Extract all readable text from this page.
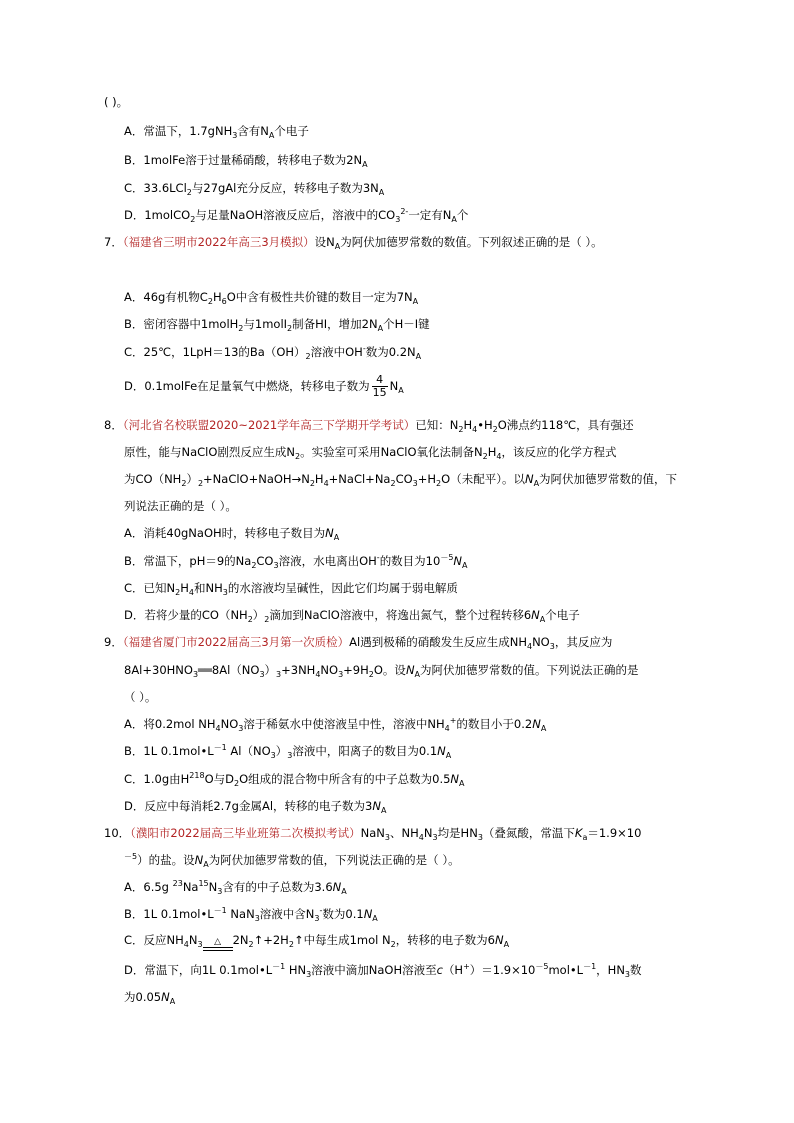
( )。
A．常温下，1.7gNH$_3$含有$N_A$个电子
B．1molFe溶于过量稀硝酸，转移电子数为$2N_A$
C．33.6LCl$_2$与27gAl充分反应，转移电子数为$3N_A$
D．1molCO$_2$与足量NaOH溶液反应后，溶液中的$CO_3^{2-}$一定有$N_A$个
7．（福建省三明市2022年高三3月模拟）设$N_A$为阿伏加德罗常数的数值。下列叙述正确的是（ ）。
A．46g有机物$C_2H_6O$中含有极性共价键的数目一定为$7N_A$
B．密闭容器中1molH$_2$与1molI$_2$制备HI，增加$2N_A$个H－I键
C．25℃，1LpH＝13的$Ba(OH)_2$溶液中OH-数为$0.2N_A$
D．0.1molFe在足量氧气中燃烧，转移电子数为 $\frac{4}{15} N_A$
8．（河北省名校联盟2020~2021学年高三下学期开学考试）已知：$N_2H_4•H_2O$沸点约118℃，具有强还
原性，能与NaClO剧烈反应生成$N_2$。实验室可采用NaClO氧化法制备$N_2H_4$，该反应的化学方程式
为$CO(NH_2)_2+NaClO+NaOH\to N_2H_4+NaCl+Na_2CO_3+H_2O$（未配平）。以$N_A$为阿伏加德罗常数的值，下
列说法正确的是（ ）。
A．消耗40gNaOH时，转移电子数目为$N_A$
B．常温下，pH＝9的$Na_2CO_3$溶液，水电离出OH-的数目为$10^{-5}N_A$
C．已知$N_2H_4$和$NH_3$的水溶液均呈碱性，因此它们均属于弱电解质
D．若将少量的$CO(NH_2)_2$滴加到NaClO溶液中，将逸出氮气，整个过程转移$6N_A$个电子
9．（福建省厦门市2022届高三3月第一次质检）Al遇到极稀的硝酸发生反应生成$NH_4NO_3$，其反应为
$8Al+30HNO_3══8Al(NO_3)_3+3NH_4NO_3+9H_2O$。设$N_A$为阿伏加德罗常数的值。下列说法正确的是
（ ）。
A．将0.2mol $NH_4NO_3$溶于稀氨水中使溶液呈中性，溶液中$NH_4^+$的数目小于$0.2N_A$
B．1L $0.1mol•L^{-1}$ $Al(NO_3)_3$溶液中，阳离子的数目为$0.1N_A$
C．1.0g由$H^{218}O$与$D_2O$组成的混合物中所含有的中子总数为$0.5N_A$
D．反应中每消耗2.7g金属Al，转移的电子数为$3N_A$
10．（濮阳市2022届高三毕业班第二次模拟考试）NaN$_3$、$NH_4N_3$均是$HN_3$（叠氮酸，常温下$K_a=1.9\times 10$
$^{-5}$）的盐。设$N_A$为阿伏加德罗常数的值，下列说法正确的是（ ）。
A．6.5g $^{23}Na^{15}N_3$含有的中子总数为$3.6N_A$
B．1L $0.1mol•L^{-1}$ NaN$_3$溶液中含$N_3^-$数为$0.1N_A$
C．反应$NH_4N_3$	△	$2N_2↑+2H_2↑$中每生成1mol $N_2$，转移的电子数为$6N_A$
D．常温下，向1L $0.1mol•L^{-1}$ $HN_3$溶液中滴加NaOH溶液至$c(H^+)=1.9\times 10^{-5}mol•L^{-1}$，$HN_3$数
为$0.05N_A$
